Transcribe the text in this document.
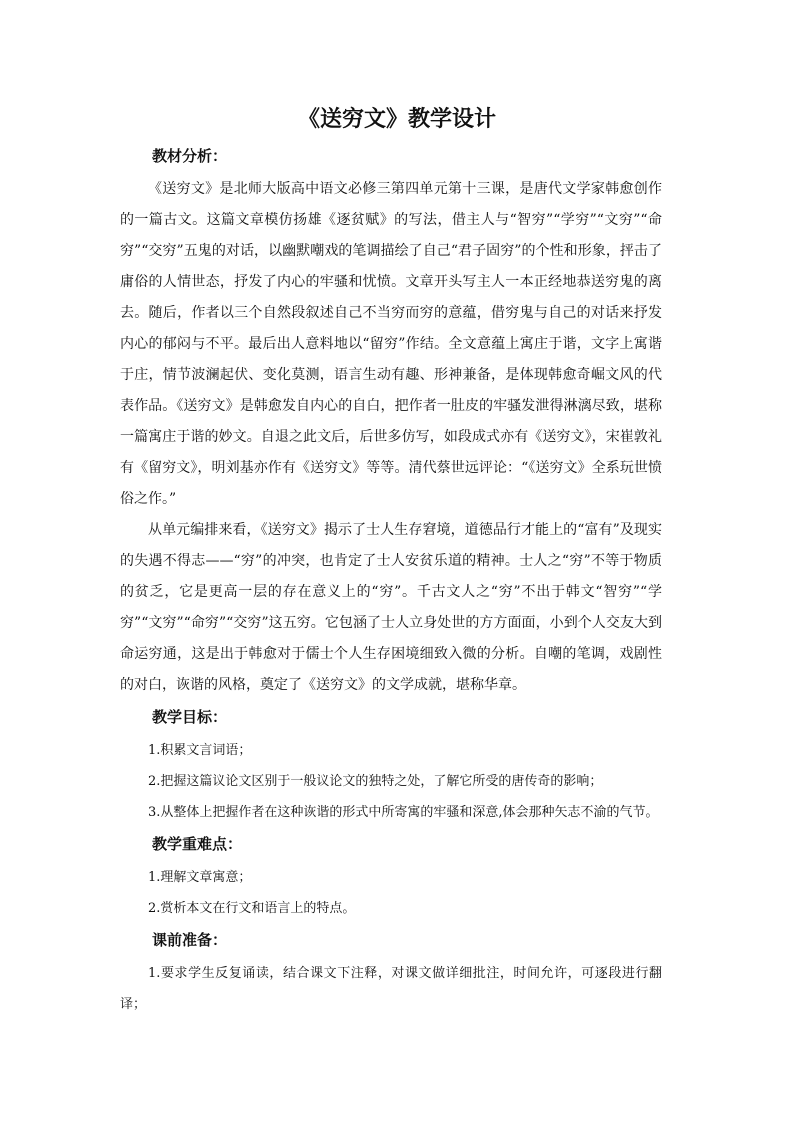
《送穷文》教学设计
教材分析：

《送穷文》是北师大版高中语文必修三第四单元第十三课，是唐代文学家韩愈创作的一篇古文。这篇文章模仿扬雄《逐贫赋》的写法，借主人与“智穷”“学穷”“文穷”“命穷”“交穷”五鬼的对话，以幽默嘲戏的笔调描绘了自己“君子固穷”的个性和形象，抨击了庸俗的人情世态，抒发了内心的牢骚和忧愤。文章开头写主人一本正经地恭送穷鬼的离去。随后，作者以三个自然段叙述自己不当穷而穷的意蕴，借穷鬼与自己的对话来抒发内心的郁闷与不平。最后出人意料地以“留穷”作结。全文意蕴上寓庄于谐，文字上寓谐于庄，情节波澜起伏、变化莫测，语言生动有趣、形神兼备，是体现韩愈奇崛文风的代表作品。《送穷文》是韩愈发自内心的自白，把作者一肚皮的牢骚发泄得淋漓尽致，堪称一篇寓庄于谐的妙文。自退之此文后，后世多仿写，如段成式亦有《送穷文》，宋崔敦礼有《留穷文》，明刘基亦作有《送穷文》等等。清代蔡世远评论：“《送穷文》全系玩世愤俗之作。”

从单元编排来看，《送穷文》揭示了士人生存窘境，道德品行才能上的“富有”及现实的失遇不得志——“穷”的冲突，也肯定了士人安贫乐道的精神。士人之“穷”不等于物质的贫乏，它是更高一层的存在意义上的“穷”。千古文人之“穷”不出于韩文“智穷”“学穷”“文穷”“命穷”“交穷”这五穷。它包涵了士人立身处世的方方面面，小到个人交友大到命运穷通，这是出于韩愈对于儒士个人生存困境细致入微的分析。自嘲的笔调，戏剧性的对白，诙谐的风格，奠定了《送穷文》的文学成就，堪称华章。

教学目标：

1.积累文言词语；

2.把握这篇议论文区别于一般议论文的独特之处，了解它所受的唐传奇的影响；

3.从整体上把握作者在这种诙谐的形式中所寄寓的牢骚和深意,体会那种矢志不渝的气节。

教学重难点：

1.理解文章寓意；

2.赏析本文在行文和语言上的特点。

课前准备：

1.要求学生反复诵读，结合课文下注释，对课文做详细批注，时间允许，可逐段进行翻译；
